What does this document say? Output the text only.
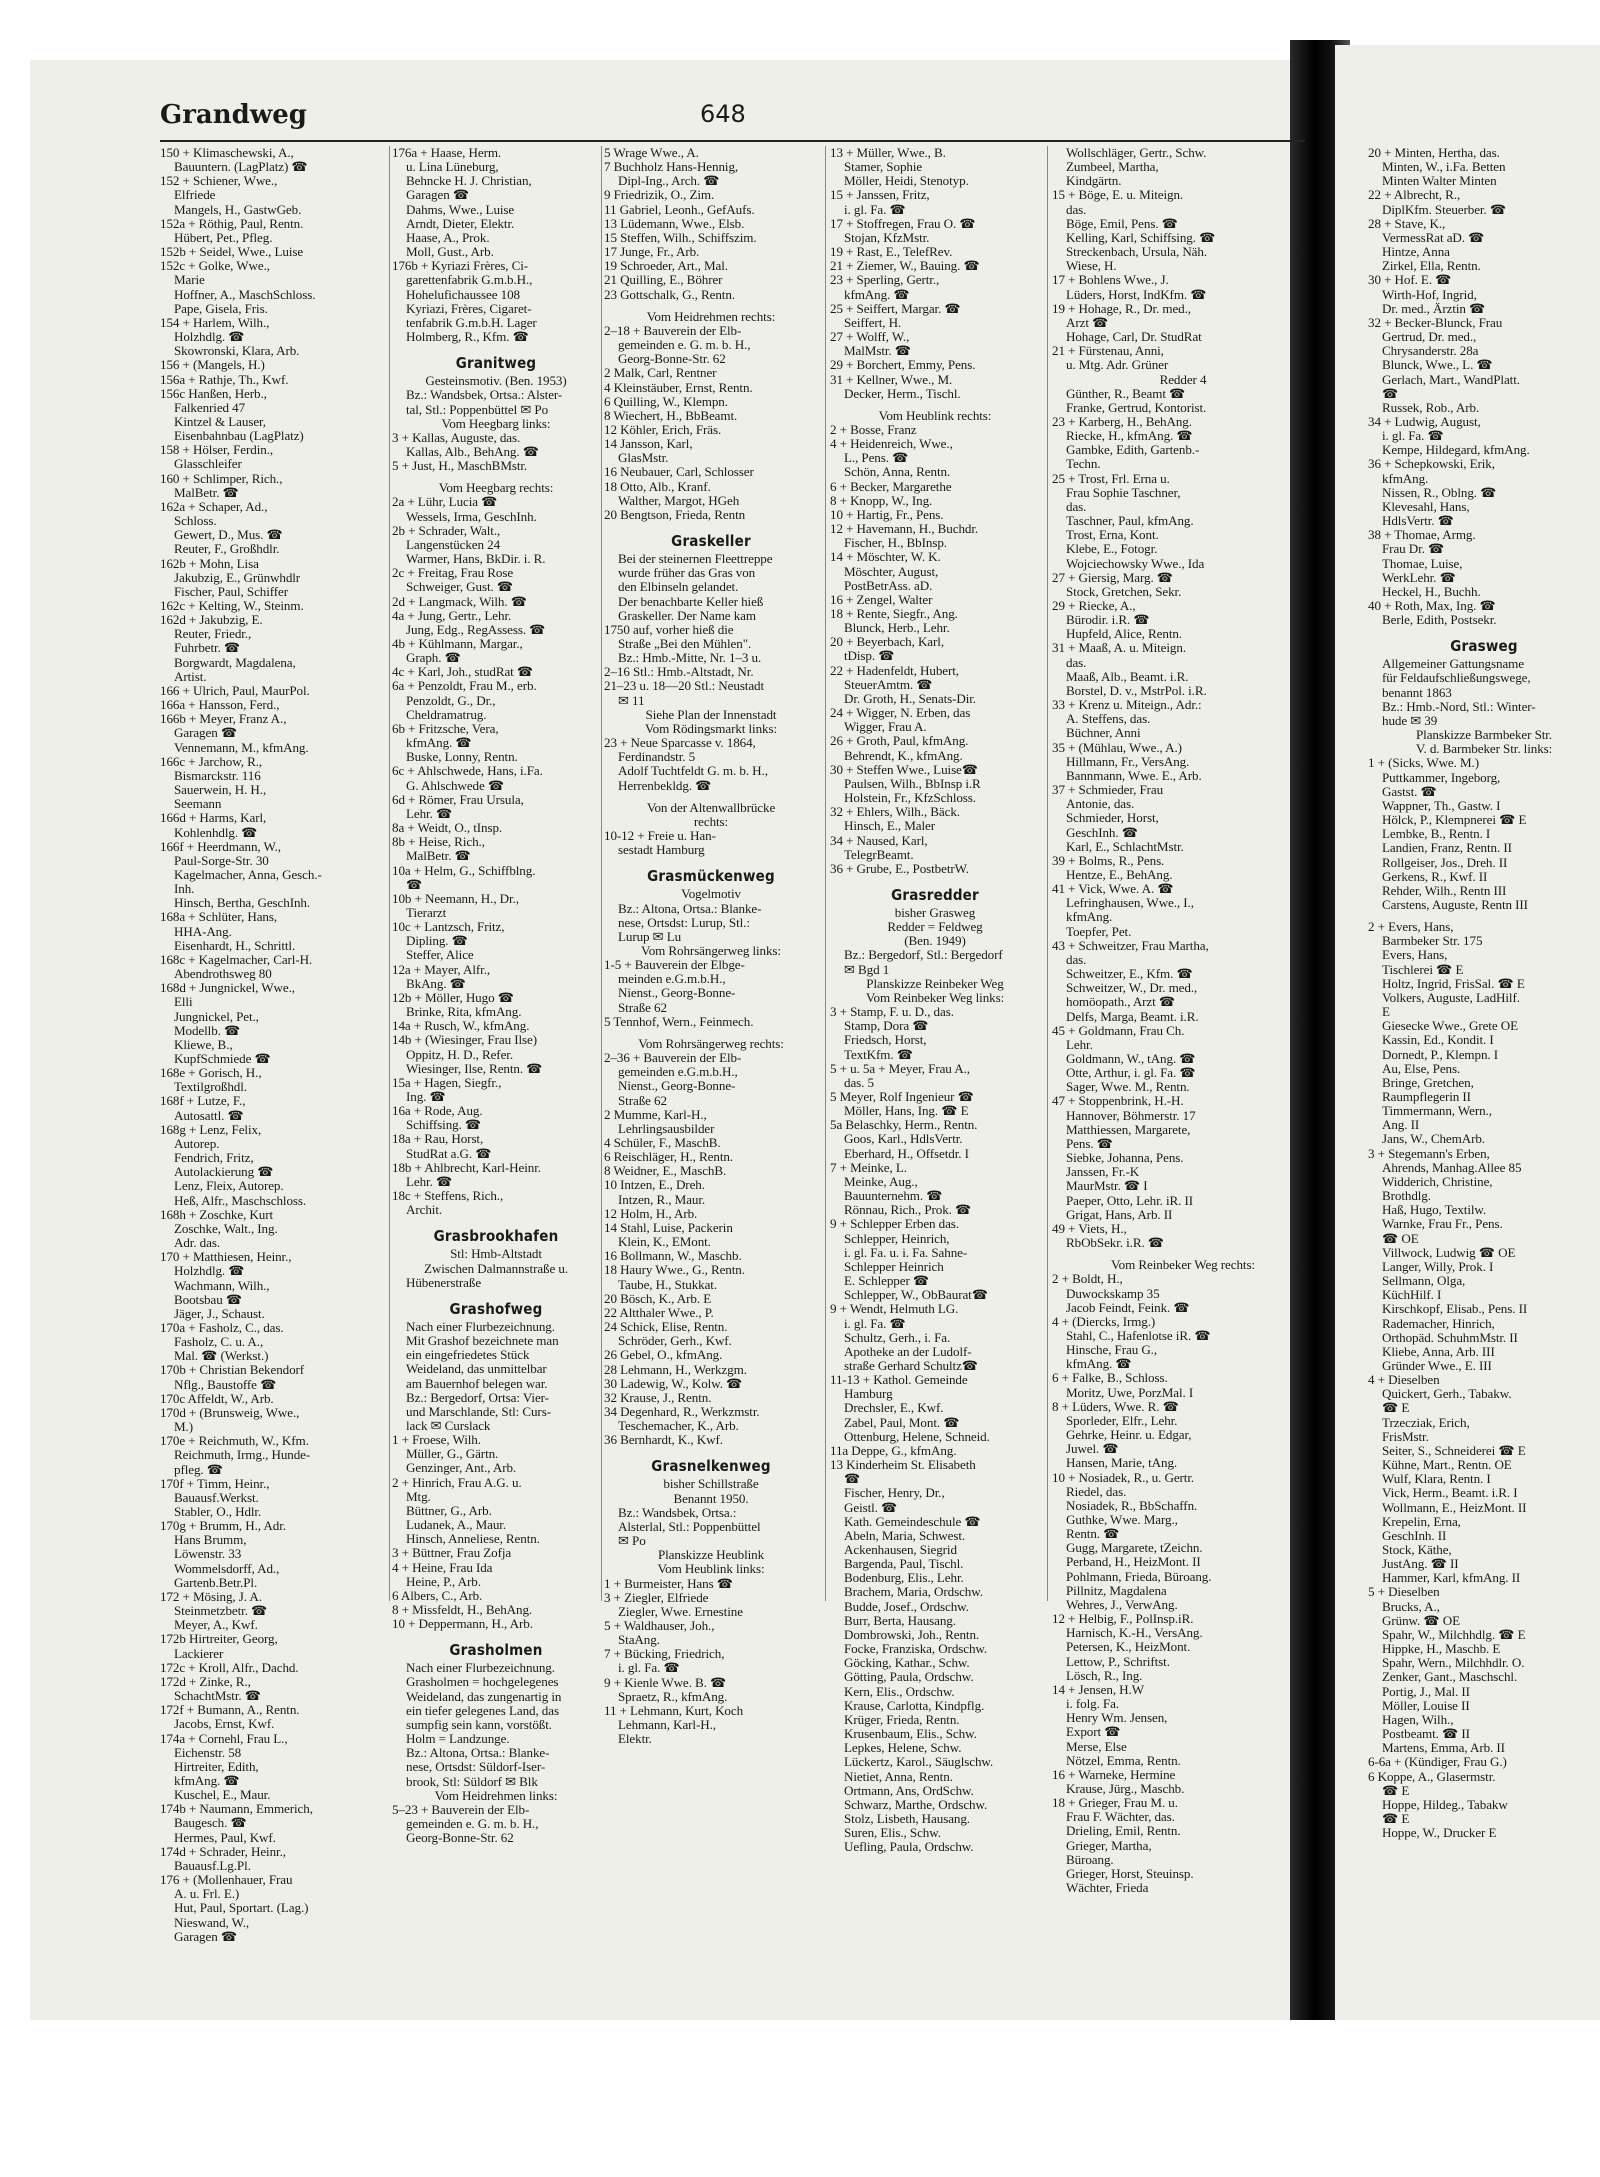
Grandweg	648
150 + Klimaschewski, A.,
Bauuntern. (LagPlatz) ☎
152 + Schiener, Wwe.,
Elfriede
Mangels, H., GastwGeb.
152a + Röthig, Paul, Rentn.
Hübert, Pet., Pfleg.
152b + Seidel, Wwe., Luise
152c + Golke, Wwe.,
Marie
Hoffner, A., MaschSchloss.
Pape, Gisela, Fris.
154 + Harlem, Wilh.,
Holzhdlg. ☎
Skowronski, Klara, Arb.
156 + (Mangels, H.)
156a + Rathje, Th., Kwf.
156c Hanßen, Herb.,
Falkenried 47
Kintzel & Lauser,
Eisenbahnbau (LagPlatz)
158 + Hölser, Ferdin.,
Glasschleifer
160 + Schlimper, Rich.,
MalBetr. ☎
162a + Schaper, Ad.,
Schloss.
Gewert, D., Mus. ☎
Reuter, F., Großhdlr.
162b + Mohn, Lisa
Jakubzig, E., Grünwhdlr
Fischer, Paul, Schiffer
162c + Kelting, W., Steinm.
162d + Jakubzig, E.
Reuter, Friedr.,
Fuhrbetr. ☎
Borgwardt, Magdalena,
Artist.
166 + Ulrich, Paul, MaurPol.
166a + Hansson, Ferd.,
166b + Meyer, Franz A.,
Garagen ☎
Vennemann, M., kfmAng.
166c + Jarchow, R.,
Bismarckstr. 116
Sauerwein, H. H.,
Seemann
166d + Harms, Karl,
Kohlenhdlg. ☎
166f + Heerdmann, W.,
Paul-Sorge-Str. 30
Kagelmacher, Anna, Gesch.-
Inh.
Hinsch, Bertha, GeschInh.
168a + Schlüter, Hans,
HHA-Ang.
Eisenhardt, H., Schrittl.
168c + Kagelmacher, Carl-H.
Abendrothsweg 80
168d + Jungnickel, Wwe.,
Elli
Jungnickel, Pet.,
Modellb. ☎
Kliewe, B.,
KupfSchmiede ☎
168e + Gorisch, H.,
Textilgroßhdl.
168f + Lutze, F.,
Autosattl. ☎
168g + Lenz, Felix,
Autorep.
Fendrich, Fritz,
Autolackierung ☎
Lenz, Fleix, Autorep.
Heß, Alfr., Maschschloss.
168h + Zoschke, Kurt
Zoschke, Walt., Ing.
Adr. das.
170 + Matthiesen, Heinr.,
Holzhdlg. ☎
Wachmann, Wilh.,
Bootsbau ☎
Jäger, J., Schaust.
170a + Fasholz, C., das.
Fasholz, C. u. A.,
Mal. ☎ (Werkst.)
170b + Christian Bekendorf
Nflg., Baustoffe ☎
170c Affeldt, W., Arb.
170d + (Brunsweig, Wwe.,
M.)
170e + Reichmuth, W., Kfm.
Reichmuth, Irmg., Hunde-
pfleg. ☎
170f + Timm, Heinr.,
Bauausf.Werkst.
Stabler, O., Hdlr.
170g + Brumm, H., Adr.
Hans Brumm,
Löwenstr. 33
Wommelsdorff, Ad.,
Gartenb.Betr.Pl.
172 + Mösing, J. A.
Steinmetzbetr. ☎
Meyer, A., Kwf.
172b Hirtreiter, Georg,
Lackierer
172c + Kroll, Alfr., Dachd.
172d + Zinke, R.,
SchachtMstr. ☎
172f + Bumann, A., Rentn.
Jacobs, Ernst, Kwf.
174a + Cornehl, Frau L.,
Eichenstr. 58
Hirtreiter, Edith,
kfmAng. ☎
Kuschel, E., Maur.
174b + Naumann, Emmerich,
Baugesch. ☎
Hermes, Paul, Kwf.
174d + Schrader, Heinr.,
Bauausf.Lg.Pl.
176 + (Mollenhauer, Frau
A. u. Frl. E.)
Hut, Paul, Sportart. (Lag.)
Nieswand, W.,
Garagen ☎
176a + Haase, Herm.
u. Lina Lüneburg,
Behncke H. J. Christian,
Garagen ☎
Dahms, Wwe., Luise
Arndt, Dieter, Elektr.
Haase, A., Prok.
Moll, Gust., Arb.
176b + Kyriazi Frères, Ci-
garettenfabrik G.m.b.H.,
Hohelufichaussee 108
Kyriazi, Frères, Cigaret-
tenfabrik G.m.b.H. Lager
Holmberg, R., Kfm. ☎
Granitweg
Gesteinsmotiv. (Ben. 1953)
Bz.: Wandsbek, Ortsa.: Alster-
tal, Stl.: Poppenbüttel ✉ Po
Vom Heegbarg links:
3 + Kallas, Auguste, das.
Kallas, Alb., BehAng. ☎
5 + Just, H., MaschBMstr.
Vom Heegbarg rechts:
2a + Lühr, Lucia ☎
Wessels, Irma, GeschInh.
2b + Schrader, Walt.,
Langenstücken 24
Warmer, Hans, BkDir. i. R.
2c + Freitag, Frau Rose
Schweiger, Gust. ☎
2d + Langmack, Wilh. ☎
4a + Jung, Gertr., Lehr.
Jung, Edg., RegAssess. ☎
4b + Kühlmann, Margar.,
Graph. ☎
4c + Karl, Joh., studRat ☎
6a + Penzoldt, Frau M., erb.
Penzoldt, G., Dr.,
Cheldramatrug.
6b + Fritzsche, Vera,
kfmAng. ☎
Buske, Lonny, Rentn.
6c + Ahlschwede, Hans, i.Fa.
G. Ahlschwede ☎
6d + Römer, Frau Ursula,
Lehr. ☎
8a + Weidt, O., tInsp.
8b + Heise, Rich.,
MalBetr. ☎
10a + Helm, G., Schiffblng.
☎
10b + Neemann, H., Dr.,
Tierarzt
10c + Lantzsch, Fritz,
Dipling. ☎
Steffer, Alice
12a + Mayer, Alfr.,
BkAng. ☎
12b + Möller, Hugo ☎
Brinke, Rita, kfmAng.
14a + Rusch, W., kfmAng.
14b + (Wiesinger, Frau Ilse)
Oppitz, H. D., Refer.
Wiesinger, Ilse, Rentn. ☎
15a + Hagen, Siegfr.,
Ing. ☎
16a + Rode, Aug.
Schiffsing. ☎
18a + Rau, Horst,
StudRat a.G. ☎
18b + Ahlbrecht, Karl-Heinr.
Lehr. ☎
18c + Steffens, Rich.,
Archit.
Grasbrookhafen
Stl: Hmb-Altstadt
Zwischen Dalmannstraße u.
Hübenerstraße
Grashofweg
Nach einer Flurbezeichnung.
Mit Grashof bezeichnete man
ein eingefriedetes Stück
Weideland, das unmittelbar
am Bauernhof belegen war.
Bz.: Bergedorf, Ortsa: Vier-
und Marschlande, Stl: Curs-
lack ✉ Curslack
1 + Froese, Wilh.
Müller, G., Gärtn.
Genzinger, Ant., Arb.
2 + Hinrich, Frau A.G. u.
Mtg.
Büttner, G., Arb.
Ludanek, A., Maur.
Hinsch, Anneliese, Rentn.
3 + Büttner, Frau Zofja
4 + Heine, Frau Ida
Heine, P., Arb.
6 Albers, C., Arb.
8 + Missfeldt, H., BehAng.
10 + Deppermann, H., Arb.
Grasholmen
Nach einer Flurbezeichnung.
Grasholmen = hochgelegenes
Weideland, das zungenartig in
ein tiefer gelegenes Land, das
sumpfig sein kann, vorstößt.
Holm = Landzunge.
Bz.: Altona, Ortsa.: Blanke-
nese, Ortsdst: Süldorf-Iser-
brook, Stl: Süldorf ✉ Blk
Vom Heidrehmen links:
5–23 + Bauverein der Elb-
gemeinden e. G. m. b. H.,
Georg-Bonne-Str. 62
5 Wrage Wwe., A.
7 Buchholz Hans-Hennig,
Dipl-Ing., Arch. ☎
9 Friedrizik, O., Zim.
11 Gabriel, Leonh., GefAufs.
13 Lüdemann, Wwe., Elsb.
15 Steffen, Wilh., Schiffszim.
17 Junge, Fr., Arb.
19 Schroeder, Art., Mal.
21 Quilling, E., Böhrer
23 Gottschalk, G., Rentn.
Vom Heidrehmen rechts:
2–18 + Bauverein der Elb-
gemeinden e. G. m. b. H.,
Georg-Bonne-Str. 62
2 Malk, Carl, Rentner
4 Kleinstäuber, Ernst, Rentn.
6 Quilling, W., Klempn.
8 Wiechert, H., BbBeamt.
12 Köhler, Erich, Fräs.
14 Jansson, Karl,
GlasMstr.
16 Neubauer, Carl, Schlosser
18 Otto, Alb., Kranf.
Walther, Margot, HGeh
20 Bengtson, Frieda, Rentn
Graskeller
Bei der steinernen Fleettreppe
wurde früher das Gras von
den Elbinseln gelandet.
Der benachbarte Keller hieß
Graskeller. Der Name kam
1750 auf, vorher hieß die
Straße „Bei den Mühlen".
Bz.: Hmb.-Mitte, Nr. 1–3 u.
2–16 Stl.: Hmb.-Altstadt, Nr.
21–23 u. 18—20 Stl.: Neustadt
✉ 11
Siehe Plan der Innenstadt
Vom Rödingsmarkt links:
23 + Neue Sparcasse v. 1864,
Ferdinandstr. 5
Adolf Tuchtfeldt G. m. b. H.,
Herrenbekldg. ☎
Von der Altenwallbrücke
rechts:
10-12 + Freie u. Han-
sestadt Hamburg
Grasmückenweg
Vogelmotiv
Bz.: Altona, Ortsa.: Blanke-
nese, Ortsdst: Lurup, Stl.:
Lurup ✉ Lu
Vom Rohrsängerweg links:
1-5 + Bauverein der Elbge-
meinden e.G.m.b.H.,
Nienst., Georg-Bonne-
Straße 62
5 Tennhof, Wern., Feinmech.
Vom Rohrsängerweg rechts:
2–36 + Bauverein der Elb-
gemeinden e.G.m.b.H.,
Nienst., Georg-Bonne-
Straße 62
2 Mumme, Karl-H.,
Lehrlingsausbilder
4 Schüler, F., MaschB.
6 Reischläger, H., Rentn.
8 Weidner, E., MaschB.
10 Intzen, E., Dreh.
Intzen, R., Maur.
12 Holm, H., Arb.
14 Stahl, Luise, Packerin
Klein, K., EMont.
16 Bollmann, W., Maschb.
18 Haury Wwe., G., Rentn.
Taube, H., Stukkat.
20 Bösch, K., Arb. E
22 Altthaler Wwe., P.
24 Schick, Elise, Rentn.
Schröder, Gerh., Kwf.
26 Gebel, O., kfmAng.
28 Lehmann, H., Werkzgm.
30 Ladewig, W., Kolw. ☎
32 Krause, J., Rentn.
34 Degenhard, R., Werkzmstr.
Teschemacher, K., Arb.
36 Bernhardt, K., Kwf.
Grasnelkenweg
bisher Schillstraße
Benannt 1950.
Bz.: Wandsbek, Ortsa.:
Alsterlal, Stl.: Poppenbüttel
✉ Po
Planskizze Heublink
Vom Heublink links:
1 + Burmeister, Hans ☎
3 + Ziegler, Elfriede
Ziegler, Wwe. Ernestine
5 + Waldhauser, Joh.,
StaAng.
7 + Bücking, Friedrich,
i. gl. Fa. ☎
9 + Kienle Wwe. B. ☎
Spraetz, R., kfmAng.
11 + Lehmann, Kurt, Koch
Lehmann, Karl-H.,
Elektr.
13 + Müller, Wwe., B.
Stamer, Sophie
Möller, Heidi, Stenotyp.
15 + Janssen, Fritz,
i. gl. Fa. ☎
17 + Stoffregen, Frau O. ☎
Stojan, KfzMstr.
19 + Rast, E., TelefRev.
21 + Ziemer, W., Bauing. ☎
23 + Sperling, Gertr.,
kfmAng. ☎
25 + Seiffert, Margar. ☎
Seiffert, H.
27 + Wolff, W.,
MalMstr. ☎
29 + Borchert, Emmy, Pens.
31 + Kellner, Wwe., M.
Decker, Herm., Tischl.
Vom Heublink rechts:
2 + Bosse, Franz
4 + Heidenreich, Wwe.,
L., Pens. ☎
Schön, Anna, Rentn.
6 + Becker, Margarethe
8 + Knopp, W., Ing.
10 + Hartig, Fr., Pens.
12 + Havemann, H., Buchdr.
Fischer, H., BbInsp.
14 + Möschter, W. K.
Möschter, August,
PostBetrAss. aD.
16 + Zengel, Walter
18 + Rente, Siegfr., Ang.
Blunck, Herb., Lehr.
20 + Beyerbach, Karl,
tDisp. ☎
22 + Hadenfeldt, Hubert,
SteuerAmtm. ☎
Dr. Groth, H., Senats-Dir.
24 + Wigger, N. Erben, das
Wigger, Frau A.
26 + Groth, Paul, kfmAng.
Behrendt, K., kfmAng.
30 + Steffen Wwe., Luise☎
Paulsen, Wilh., BbInsp i.R
Holstein, Fr., KfzSchloss.
32 + Ehlers, Wilh., Bäck.
Hinsch, E., Maler
34 + Naused, Karl,
TelegrBeamt.
36 + Grube, E., PostbetrW.
Grasredder
bisher Grasweg
Redder = Feldweg
(Ben. 1949)
Bz.: Bergedorf, Stl.: Bergedorf
✉ Bgd 1
Planskizze Reinbeker Weg
Vom Reinbeker Weg links:
3 + Stamp, F. u. D., das.
Stamp, Dora ☎
Friedsch, Horst,
TextKfm. ☎
5 + u. 5a + Meyer, Frau A.,
das. 5
5 Meyer, Rolf Ingenieur ☎
Möller, Hans, Ing. ☎ E
5a Belaschky, Herm., Rentn.
Goos, Karl., HdlsVertr.
Eberhard, H., Offsetdr. I
7 + Meinke, L.
Meinke, Aug.,
Bauunternehm. ☎
Rönnau, Rich., Prok. ☎
9 + Schlepper Erben das.
Schlepper, Heinrich,
i. gl. Fa. u. i. Fa. Sahne-
Schlepper Heinrich
E. Schlepper ☎
Schlepper, W., ObBaurat☎
9 + Wendt, Helmuth LG.
i. gl. Fa. ☎
Schultz, Gerh., i. Fa.
Apotheke an der Ludolf-
straße Gerhard Schultz☎
11-13 + Kathol. Gemeinde
Hamburg
Drechsler, E., Kwf.
Zabel, Paul, Mont. ☎
Ottenburg, Helene, Schneid.
11a Deppe, G., kfmAng.
13 Kinderheim St. Elisabeth
☎
Fischer, Henry, Dr.,
Geistl. ☎
Kath. Gemeindeschule ☎
Abeln, Maria, Schwest.
Ackenhausen, Siegrid
Bargenda, Paul, Tischl.
Bodenburg, Elis., Lehr.
Brachem, Maria, Ordschw.
Budde, Josef., Ordschw.
Burr, Berta, Hausang.
Dombrowski, Joh., Rentn.
Focke, Franziska, Ordschw.
Göcking, Kathar., Schw.
Götting, Paula, Ordschw.
Kern, Elis., Ordschw.
Krause, Carlotta, Kindpflg.
Krüger, Frieda, Rentn.
Krusenbaum, Elis., Schw.
Lepkes, Helene, Schw.
Lückertz, Karol., Säuglschw.
Nietiet, Anna, Rentn.
Ortmann, Ans, OrdSchw.
Schwarz, Marthe, Ordschw.
Stolz, Lisbeth, Hausang.
Suren, Elis., Schw.
Uefling, Paula, Ordschw.
Wollschläger, Gertr., Schw.
Zumbeel, Martha,
Kindgärtn.
15 + Böge, E. u. Miteign.
das.
Böge, Emil, Pens. ☎
Kelling, Karl, Schiffsing. ☎
Streckenbach, Ursula, Näh.
Wiese, H.
17 + Bohlens Wwe., J.
Lüders, Horst, IndKfm. ☎
19 + Hohage, R., Dr. med.,
Arzt ☎
Hohage, Carl, Dr. StudRat
21 + Fürstenau, Anni,
u. Mtg. Adr. Grüner
Redder 4
Günther, R., Beamt ☎
Franke, Gertrud, Kontorist.
23 + Karberg, H., BehAng.
Riecke, H., kfmAng. ☎
Gambke, Edith, Gartenb.-
Techn.
25 + Trost, Frl. Erna u.
Frau Sophie Taschner,
das.
Taschner, Paul, kfmAng.
Trost, Erna, Kont.
Klebe, E., Fotogr.
Wojciechowsky Wwe., Ida
27 + Giersig, Marg. ☎
Stock, Gretchen, Sekr.
29 + Riecke, A.,
Bürodir. i.R. ☎
Hupfeld, Alice, Rentn.
31 + Maaß, A. u. Miteign.
das.
Maaß, Alb., Beamt. i.R.
Borstel, D. v., MstrPol. i.R.
33 + Krenz u. Miteign., Adr.:
A. Steffens, das.
Büchner, Anni
35 + (Mühlau, Wwe., A.)
Hillmann, Fr., VersAng.
Bannmann, Wwe. E., Arb.
37 + Schmieder, Frau
Antonie, das.
Schmieder, Horst,
GeschInh. ☎
Karl, E., SchlachtMstr.
39 + Bolms, R., Pens.
Hentze, E., BehAng.
41 + Vick, Wwe. A. ☎
Lefringhausen, Wwe., I.,
kfmAng.
Toepfer, Pet.
43 + Schweitzer, Frau Martha,
das.
Schweitzer, E., Kfm. ☎
Schweitzer, W., Dr. med.,
homöopath., Arzt ☎
Delfs, Marga, Beamt. i.R.
45 + Goldmann, Frau Ch.
Lehr.
Goldmann, W., tAng. ☎
Otte, Arthur, i. gl. Fa. ☎
Sager, Wwe. M., Rentn.
47 + Stoppenbrink, H.-H.
Hannover, Böhmerstr. 17
Matthiessen, Margarete,
Pens. ☎
Siebke, Johanna, Pens.
Janssen, Fr.-K
MaurMstr. ☎ I
Paeper, Otto, Lehr. iR. II
Grigat, Hans, Arb. II
49 + Viets, H.,
RbObSekr. i.R. ☎
Vom Reinbeker Weg rechts:
2 + Boldt, H.,
Duwockskamp 35
Jacob Feindt, Feink. ☎
4 + (Diercks, Irmg.)
Stahl, C., Hafenlotse iR. ☎
Hinsche, Frau G.,
kfmAng. ☎
6 + Falke, B., Schloss.
Moritz, Uwe, PorzMal. I
8 + Lüders, Wwe. R. ☎
Sporleder, Elfr., Lehr.
Gehrke, Heinr. u. Edgar,
Juwel. ☎
Hansen, Marie, tAng.
10 + Nosiadek, R., u. Gertr.
Riedel, das.
Nosiadek, R., BbSchaffn.
Guthke, Wwe. Marg.,
Rentn. ☎
Gugg, Margarete, tZeichn.
Perband, H., HeizMont. II
Pohlmann, Frieda, Büroang.
Pillnitz, Magdalena
Wehres, J., VerwAng.
12 + Helbig, F., PolInsp.iR.
Harnisch, K.-H., VersAng.
Petersen, K., HeizMont.
Lettow, P., Schriftst.
Lösch, R., Ing.
14 + Jensen, H.W
i. folg. Fa.
Henry Wm. Jensen,
Export ☎
Merse, Else
Nötzel, Emma, Rentn.
16 + Warneke, Hermine
Krause, Jürg., Maschb.
18 + Grieger, Frau M. u.
Frau F. Wächter, das.
Drieling, Emil, Rentn.
Grieger, Martha,
Büroang.
Grieger, Horst, Steuinsp.
Wächter, Frieda
20 + Minten, Hertha, das.
Minten, W., i.Fa. Betten
Minten Walter Minten
22 + Albrecht, R.,
DiplKfm. Steuerber. ☎
28 + Stave, K.,
VermessRat aD. ☎
Hintze, Anna
Zirkel, Ella, Rentn.
30 + Hof. E. ☎
Wirth-Hof, Ingrid,
Dr. med., Ärztin ☎
32 + Becker-Blunck, Frau
Gertrud, Dr. med.,
Chrysanderstr. 28a
Blunck, Wwe., L. ☎
Gerlach, Mart., WandPlatt.
☎
Russek, Rob., Arb.
34 + Ludwig, August,
i. gl. Fa. ☎
Kempe, Hildegard, kfmAng.
36 + Schepkowski, Erik,
kfmAng.
Nissen, R., Oblng. ☎
Klevesahl, Hans,
HdlsVertr. ☎
38 + Thomae, Armg.
Frau Dr. ☎
Thomae, Luise,
WerkLehr. ☎
Heckel, H., Buchh.
40 + Roth, Max, Ing. ☎
Berle, Edith, Postsekr.
Grasweg
Allgemeiner Gattungsname
für Feldaufschließungswege,
benannt 1863
Bz.: Hmb.-Nord, Stl.: Winter-
hude ✉ 39
Planskizze Barmbeker Str.
V. d. Barmbeker Str. links:
1 + (Sicks, Wwe. M.)
Puttkammer, Ingeborg,
Gastst. ☎
Wappner, Th., Gastw. I
Hölck, P., Klempnerei ☎ E
Lembke, B., Rentn. I
Landien, Franz, Rentn. II
Rollgeiser, Jos., Dreh. II
Gerkens, R., Kwf. II
Rehder, Wilh., Rentn III
Carstens, Auguste, Rentn III
2 + Evers, Hans,
Barmbeker Str. 175
Evers, Hans,
Tischlerei ☎ E
Holtz, Ingrid, FrisSal. ☎ E
Volkers, Auguste, LadHilf.
E
Giesecke Wwe., Grete OE
Kassin, Ed., Kondit. I
Dornedt, P., Klempn. I
Au, Else, Pens.
Bringe, Gretchen,
Raumpflegerin II
Timmermann, Wern.,
Ang. II
Jans, W., ChemArb.
3 + Stegemann's Erben,
Ahrends, Manhag.Allee 85
Widderich, Christine,
Brothdlg.
Haß, Hugo, Textilw.
Warnke, Frau Fr., Pens.
☎ OE
Villwock, Ludwig ☎ OE
Langer, Willy, Prok. I
Sellmann, Olga,
KüchHilf. I
Kirschkopf, Elisab., Pens. II
Rademacher, Hinrich,
Orthopäd. SchuhmMstr. II
Kliebe, Anna, Arb. III
Gründer Wwe., E. III
4 + Dieselben
Quickert, Gerh., Tabakw.
☎ E
Trzecziak, Erich,
FrisMstr.
Seiter, S., Schneiderei ☎ E
Kühne, Mart., Rentn. OE
Wulf, Klara, Rentn. I
Vick, Herm., Beamt. i.R. I
Wollmann, E., HeizMont. II
Krepelin, Erna,
GeschInh. II
Stock, Käthe,
JustAng. ☎ II
Hammer, Karl, kfmAng. II
5 + Dieselben
Brucks, A.,
Grünw. ☎ OE
Spahr, W., Milchhdlg. ☎ E
Hippke, H., Maschb. E
Spahr, Wern., Milchhdlr. O.
Zenker, Gant., Maschschl.
Portig, J., Mal. II
Möller, Louise II
Hagen, Wilh.,
Postbeamt. ☎ II
Martens, Emma, Arb. II
6-6a + (Kündiger, Frau G.)
6 Koppe, A., Glasermstr.
☎ E
Hoppe, Hildeg., Tabakw
☎ E
Hoppe, W., Drucker E
